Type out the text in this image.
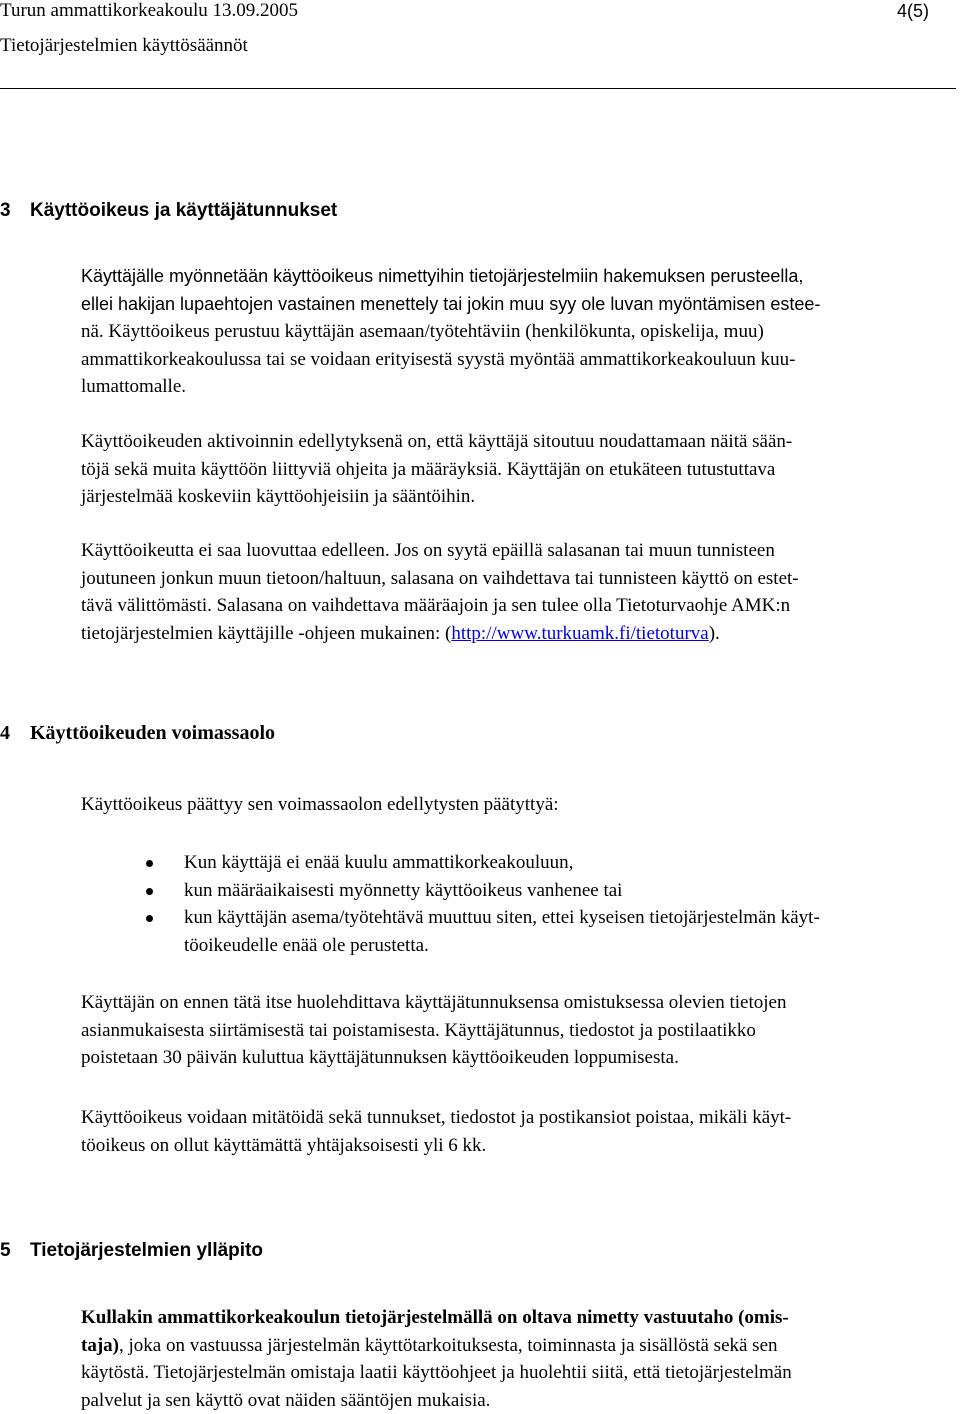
Turun ammattikorkeakoulu 13.09.2005	4(5)
Tietojärjestelmien käyttösäännöt
3 Käyttöoikeus ja käyttäjätunnukset
Käyttäjälle myönnetään käyttöoikeus nimettyihin tietojärjestelmiin hakemuksen perusteella,
ellei hakijan lupaehtojen vastainen menettely tai jokin muu syy ole luvan myöntämisen estee-
nä. Käyttöoikeus perustuu käyttäjän asemaan/työtehtäviin (henkilökunta, opiskelija, muu)
ammattikorkeakoulussa tai se voidaan erityisestä syystä myöntää ammattikorkeakouluun kuu-
lumattomalle.
Käyttöoikeuden aktivoinnin edellytyksenä on, että käyttäjä sitoutuu noudattamaan näitä sään-
töjä sekä muita käyttöön liittyviä ohjeita ja määräyksiä. Käyttäjän on etukäteen tutustuttava
järjestelmää koskeviin käyttöohjeisiin ja sääntöihin.
Käyttöoikeutta ei saa luovuttaa edelleen. Jos on syytä epäillä salasanan tai muun tunnisteen
joutuneen jonkun muun tietoon/haltuun, salasana on vaihdettava tai tunnisteen käyttö on estet-
tävä välittömästi. Salasana on vaihdettava määräajoin ja sen tulee olla Tietoturvaohje AMK:n
tietojärjestelmien käyttäjille -ohjeen mukainen: (http://www.turkuamk.fi/tietoturva).
4 Käyttöoikeuden voimassaolo
Käyttöoikeus päättyy sen voimassaolon edellytysten päätyttyä:
Kun käyttäjä ei enää kuulu ammattikorkeakouluun,
kun määräaikaisesti myönnetty käyttöoikeus vanhenee tai
kun käyttäjän asema/työtehtävä muuttuu siten, ettei kyseisen tietojärjestelmän käyt-
töoikeudelle enää ole perustetta.
Käyttäjän on ennen tätä itse huolehdittava käyttäjätunnuksensa omistuksessa olevien tietojen
asianmukaisesta siirtämisestä tai poistamisesta. Käyttäjätunnus, tiedostot ja postilaatikko
poistetaan 30 päivän kuluttua käyttäjätunnuksen käyttöoikeuden loppumisesta.
Käyttöoikeus voidaan mitätöidä sekä tunnukset, tiedostot ja postikansiot poistaa, mikäli käyt-
töoikeus on ollut käyttämättä yhtäjaksoisesti yli 6 kk.
5 Tietojärjestelmien ylläpito
Kullakin ammattikorkeakoulun tietojärjestelmällä on oltava nimetty vastuutaho (omis-
taja), joka on vastuussa järjestelmän käyttötarkoituksesta, toiminnasta ja sisällöstä sekä sen
käytöstä. Tietojärjestelmän omistaja laatii käyttöohjeet ja huolehtii siitä, että tietojärjestelmän
palvelut ja sen käyttö ovat näiden sääntöjen mukaisia.
